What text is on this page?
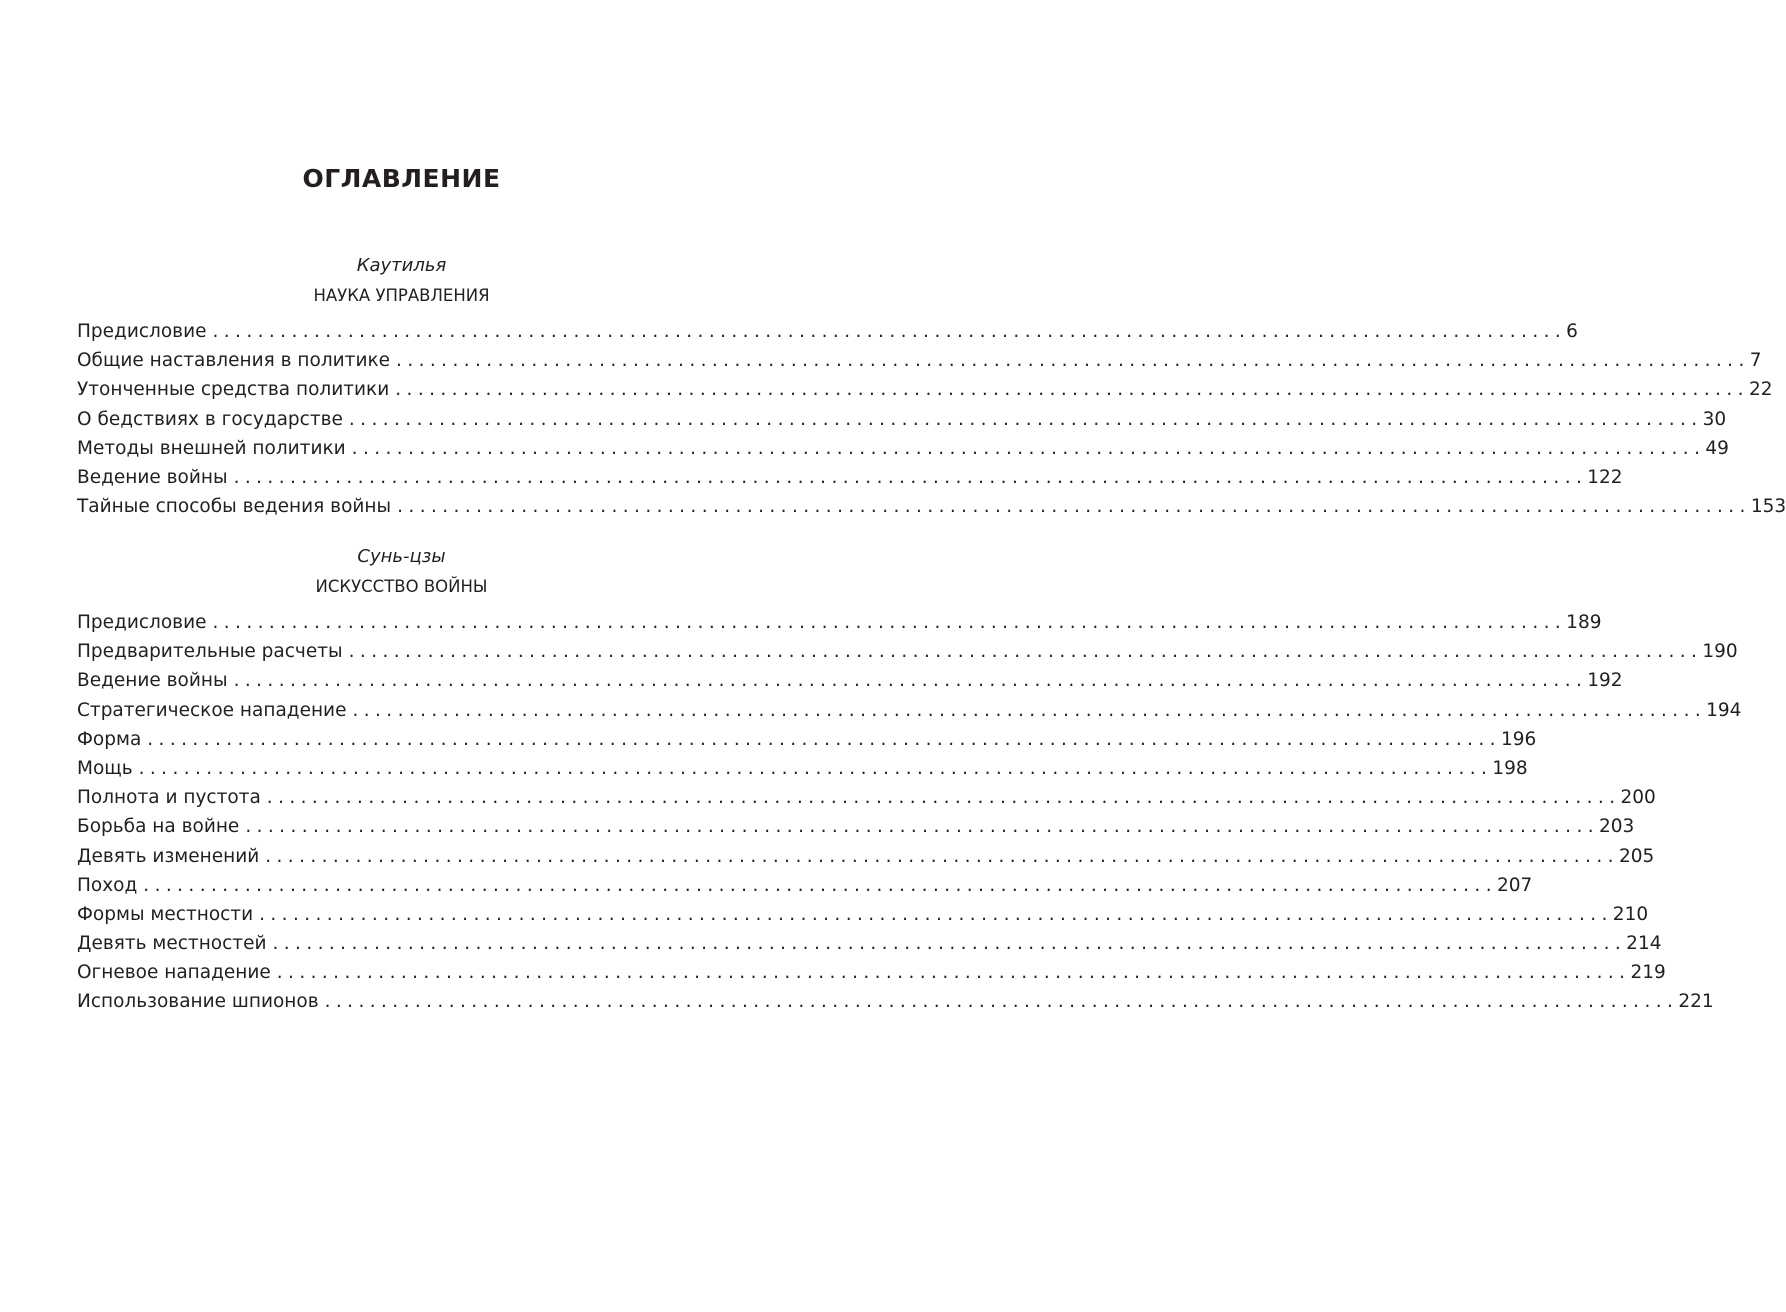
ОГЛАВЛЕНИЕ
Каутилья
НАУКА УПРАВЛЕНИЯ
Предисловие ........................................................................................................................ 6
Общие наставления в политике ........................................................................................................................ 7
Утонченные средства политики ........................................................................................................................ 22
О бедствиях в государстве ........................................................................................................................ 30
Методы внешней политики ........................................................................................................................ 49
Ведение войны ........................................................................................................................ 122
Тайные способы ведения войны ........................................................................................................................ 153
Сунь-цзы
ИСКУССТВО ВОЙНЫ
Предисловие ........................................................................................................................ 189
Предварительные расчеты ........................................................................................................................ 190
Ведение войны ........................................................................................................................ 192
Стратегическое нападение ........................................................................................................................ 194
Форма ........................................................................................................................ 196
Мощь ........................................................................................................................ 198
Полнота и пустота ........................................................................................................................ 200
Борьба на войне ........................................................................................................................ 203
Девять изменений ........................................................................................................................ 205
Поход ........................................................................................................................ 207
Формы местности ........................................................................................................................ 210
Девять местностей ........................................................................................................................ 214
Огневое нападение ........................................................................................................................ 219
Использование шпионов ........................................................................................................................ 221
